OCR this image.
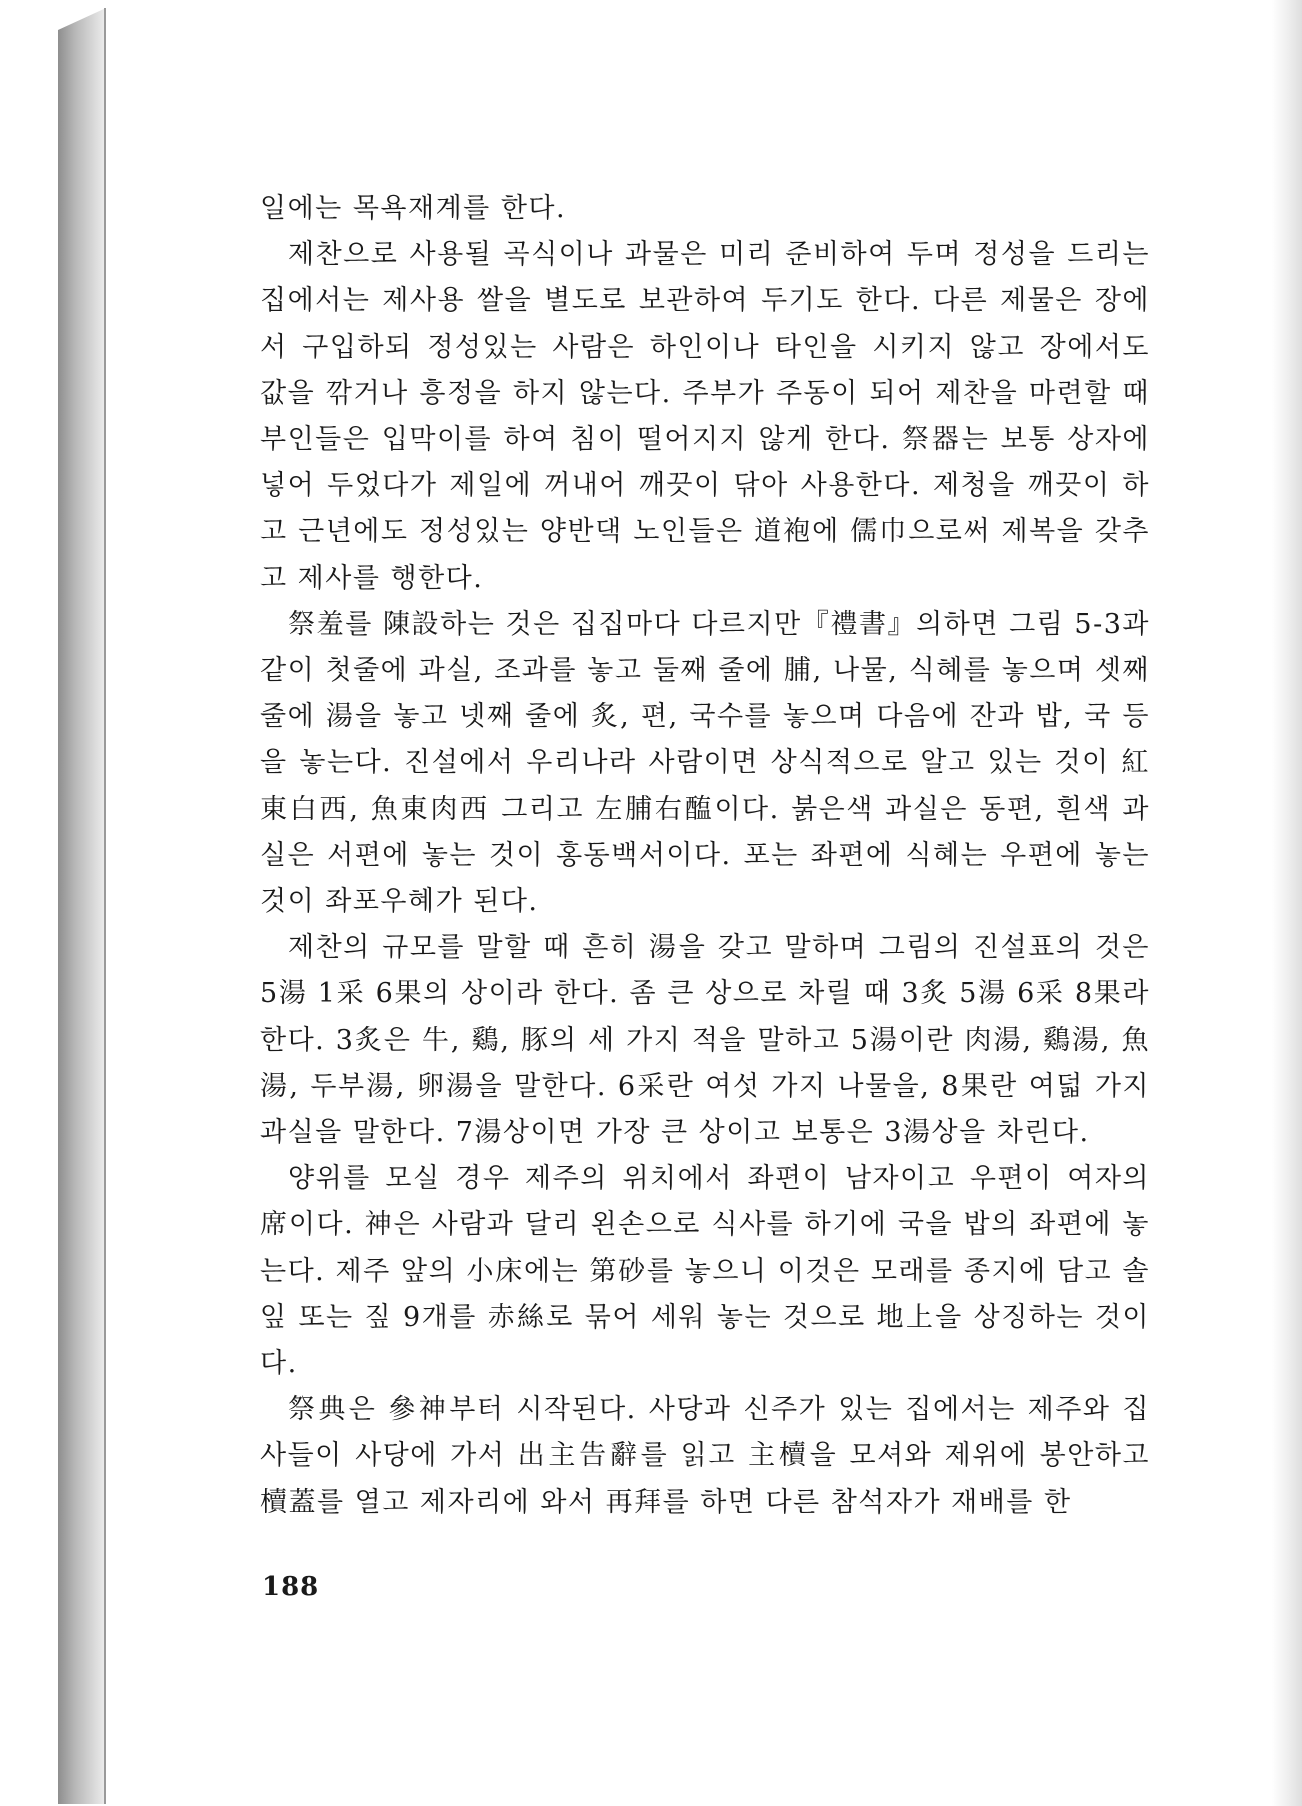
일에는 목욕재계를 한다.

제찬으로 사용될 곡식이나 과물은 미리 준비하여 두며 정성을 드리는 집에서는 제사용 쌀을 별도로 보관하여 두기도 한다. 다른 제물은 장에서 구입하되 정성있는 사람은 하인이나 타인을 시키지 않고 장에서도 값을 깎거나 흥정을 하지 않는다. 주부가 주동이 되어 제찬을 마련할 때 부인들은 입막이를 하여 침이 떨어지지 않게 한다. 祭器는 보통 상자에 넣어 두었다가 제일에 꺼내어 깨끗이 닦아 사용한다. 제청을 깨끗이 하고 근년에도 정성있는 양반댁 노인들은 道袍에 儒巾으로써 제복을 갖추고 제사를 행한다.

祭羞를 陳設하는 것은 집집마다 다르지만『禮書』의하면 그림 5-3과 같이 첫줄에 과실, 조과를 놓고 둘째 줄에 脯, 나물, 식혜를 놓으며 셋째 줄에 湯을 놓고 넷째 줄에 炙, 편, 국수를 놓으며 다음에 잔과 밥, 국 등을 놓는다. 진설에서 우리나라 사람이면 상식적으로 알고 있는 것이 紅東白西, 魚東肉西 그리고 左脯右醢이다. 붉은색 과실은 동편, 흰색 과실은 서편에 놓는 것이 홍동백서이다. 포는 좌편에 식혜는 우편에 놓는 것이 좌포우혜가 된다.

제찬의 규모를 말할 때 흔히 湯을 갖고 말하며 그림의 진설표의 것은 5湯 1采 6果의 상이라 한다. 좀 큰 상으로 차릴 때 3炙 5湯 6采 8果라 한다. 3炙은 牛, 鷄, 豚의 세 가지 적을 말하고 5湯이란 肉湯, 鷄湯, 魚湯, 두부湯, 卵湯을 말한다. 6采란 여섯 가지 나물을, 8果란 여덟 가지 과실을 말한다. 7湯상이면 가장 큰 상이고 보통은 3湯상을 차린다.

양위를 모실 경우 제주의 위치에서 좌편이 남자이고 우편이 여자의 席이다. 神은 사람과 달리 왼손으로 식사를 하기에 국을 밥의 좌편에 놓는다. 제주 앞의 小床에는 第砂를 놓으니 이것은 모래를 종지에 담고 솔잎 또는 짚 9개를 赤絲로 묶어 세워 놓는 것으로 地上을 상징하는 것이다.

祭典은 參神부터 시작된다. 사당과 신주가 있는 집에서는 제주와 집사들이 사당에 가서 出主告辭를 읽고 主櫝을 모셔와 제위에 봉안하고 櫝蓋를 열고 제자리에 와서 再拜를 하면 다른 참석자가 재배를 한

188
